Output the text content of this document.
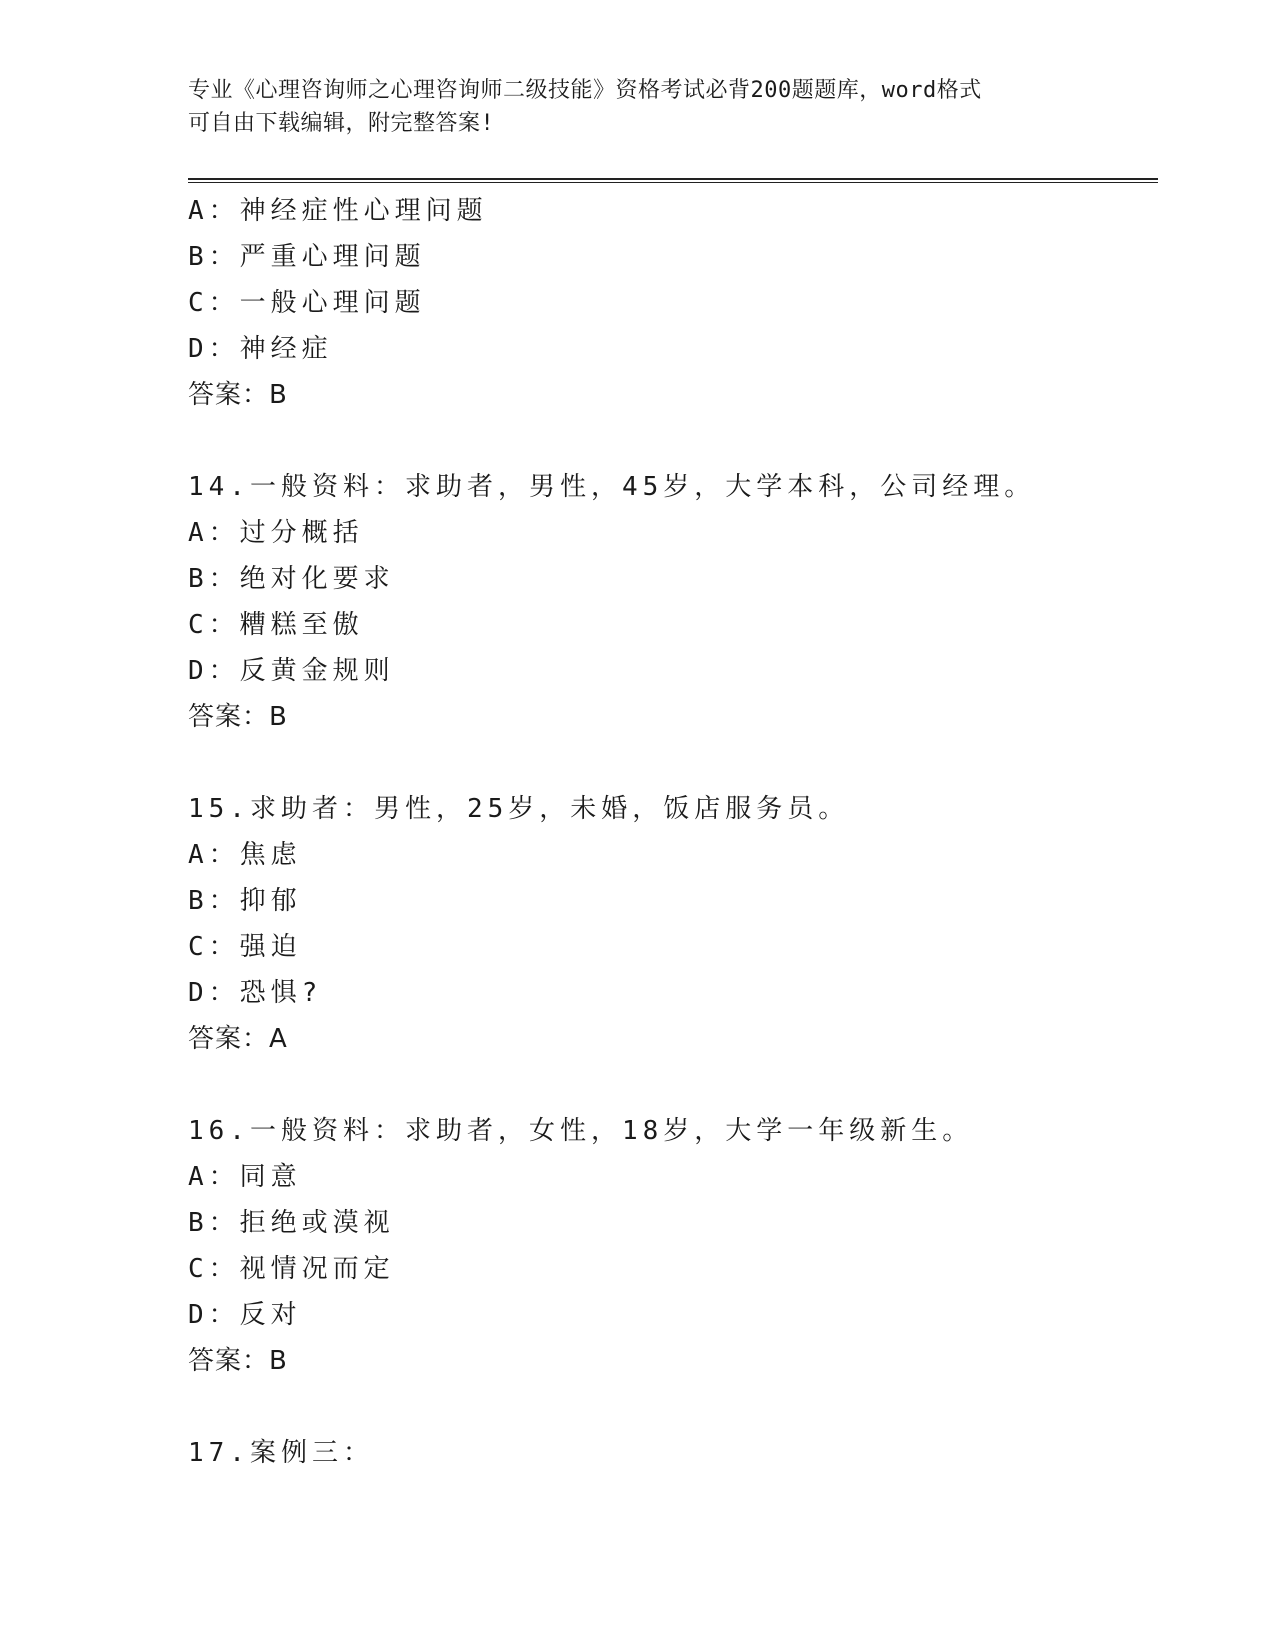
专业《心理咨询师之心理咨询师二级技能》资格考试必背200题题库，word格式
可自由下载编辑，附完整答案!
A：神经症性心理问题
B：严重心理问题
C：一般心理问题
D：神经症
答案：B
14.一般资料：求助者，男性，45岁，大学本科，公司经理。
A：过分概括
B：绝对化要求
C：糟糕至傲
D：反黄金规则
答案：B
15.求助者：男性，25岁，未婚，饭店服务员。
A：焦虑
B：抑郁
C：强迫
D：恐惧?
答案：A
16.一般资料：求助者，女性，18岁，大学一年级新生。
A：同意
B：拒绝或漠视
C：视情况而定
D：反对
答案：B
17.案例三：
